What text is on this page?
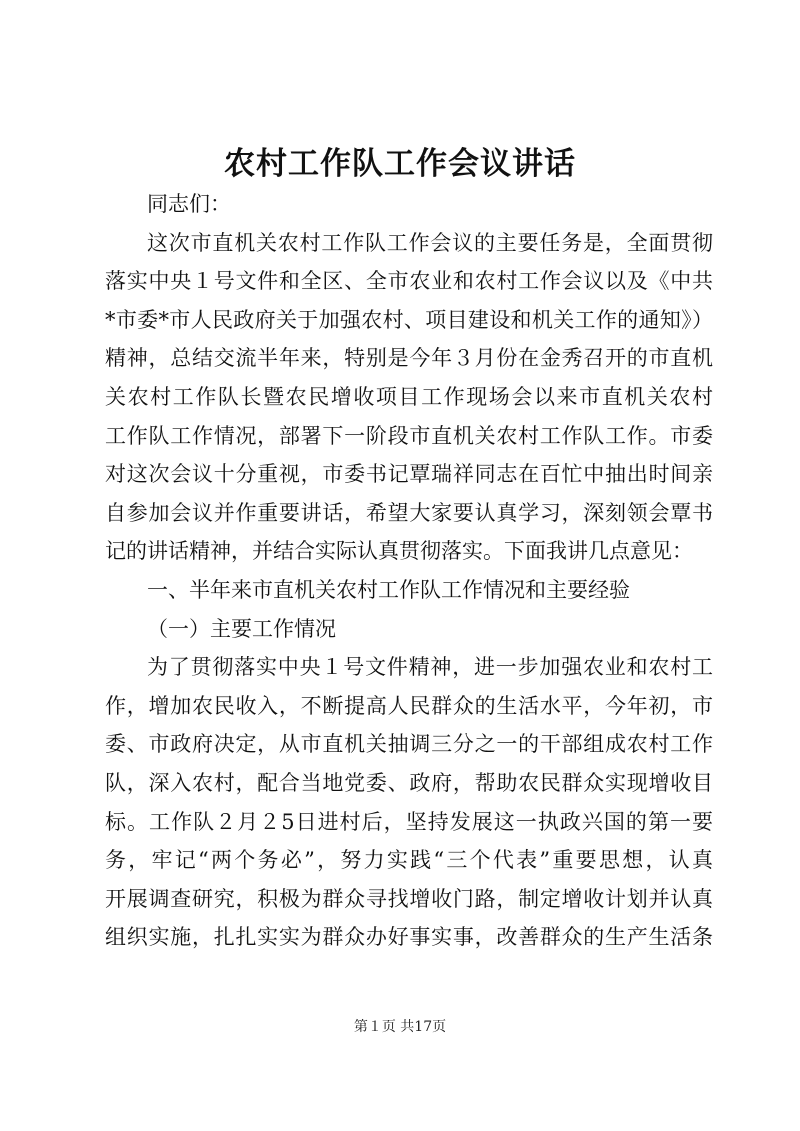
农村工作队工作会议讲话
同志们：
这次市直机关农村工作队工作会议的主要任务是，全面贯彻
落实中央１号文件和全区、全市农业和农村工作会议以及《中共
*市委*市人民政府关于加强农村、项目建设和机关工作的通知》）
精神，总结交流半年来，特别是今年３月份在金秀召开的市直机
关农村工作队长暨农民增收项目工作现场会以来市直机关农村
工作队工作情况，部署下一阶段市直机关农村工作队工作。市委
对这次会议十分重视，市委书记覃瑞祥同志在百忙中抽出时间亲
自参加会议并作重要讲话，希望大家要认真学习，深刻领会覃书
记的讲话精神，并结合实际认真贯彻落实。下面我讲几点意见：
一、半年来市直机关农村工作队工作情况和主要经验
（一）主要工作情况
为了贯彻落实中央１号文件精神，进一步加强农业和农村工
作，增加农民收入，不断提高人民群众的生活水平，今年初，市
委、市政府决定，从市直机关抽调三分之一的干部组成农村工作
队，深入农村，配合当地党委、政府，帮助农民群众实现增收目
标。工作队２月２5日进村后，坚持发展这一执政兴国的第一要
务，牢记“两个务必”，努力实践“三个代表”重要思想，认真
开展调查研究，积极为群众寻找增收门路，制定增收计划并认真
组织实施，扎扎实实为群众办好事实事，改善群众的生产生活条
第１页 共17页
